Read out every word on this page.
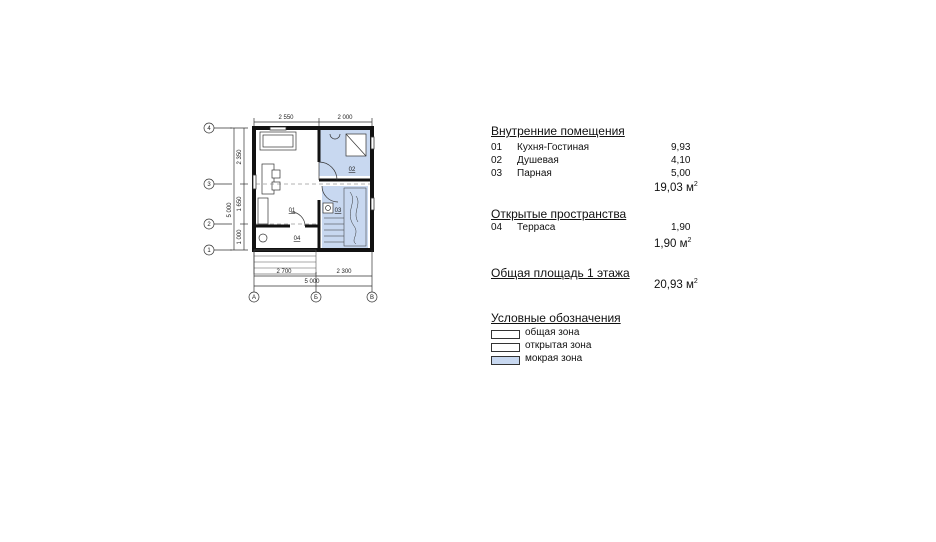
2 550	2 000
5 000
2 350
1 650
1 000
4
3
2
1
01
02
03
04
2 700	2 300
5 000
А	Б	В
Внутренние помещения
01 Кухня-Гостиная	9,93
02 Душевая	4,10
03 Парная	5,00
19,03 $м^2$
Открытые пространства
04 Терраса	1,90
1,90 $м^2$
Общая площадь 1 этажа
20,93 $м^2$
Условные обозначения
общая зона
открытая зона
мокрая зона
